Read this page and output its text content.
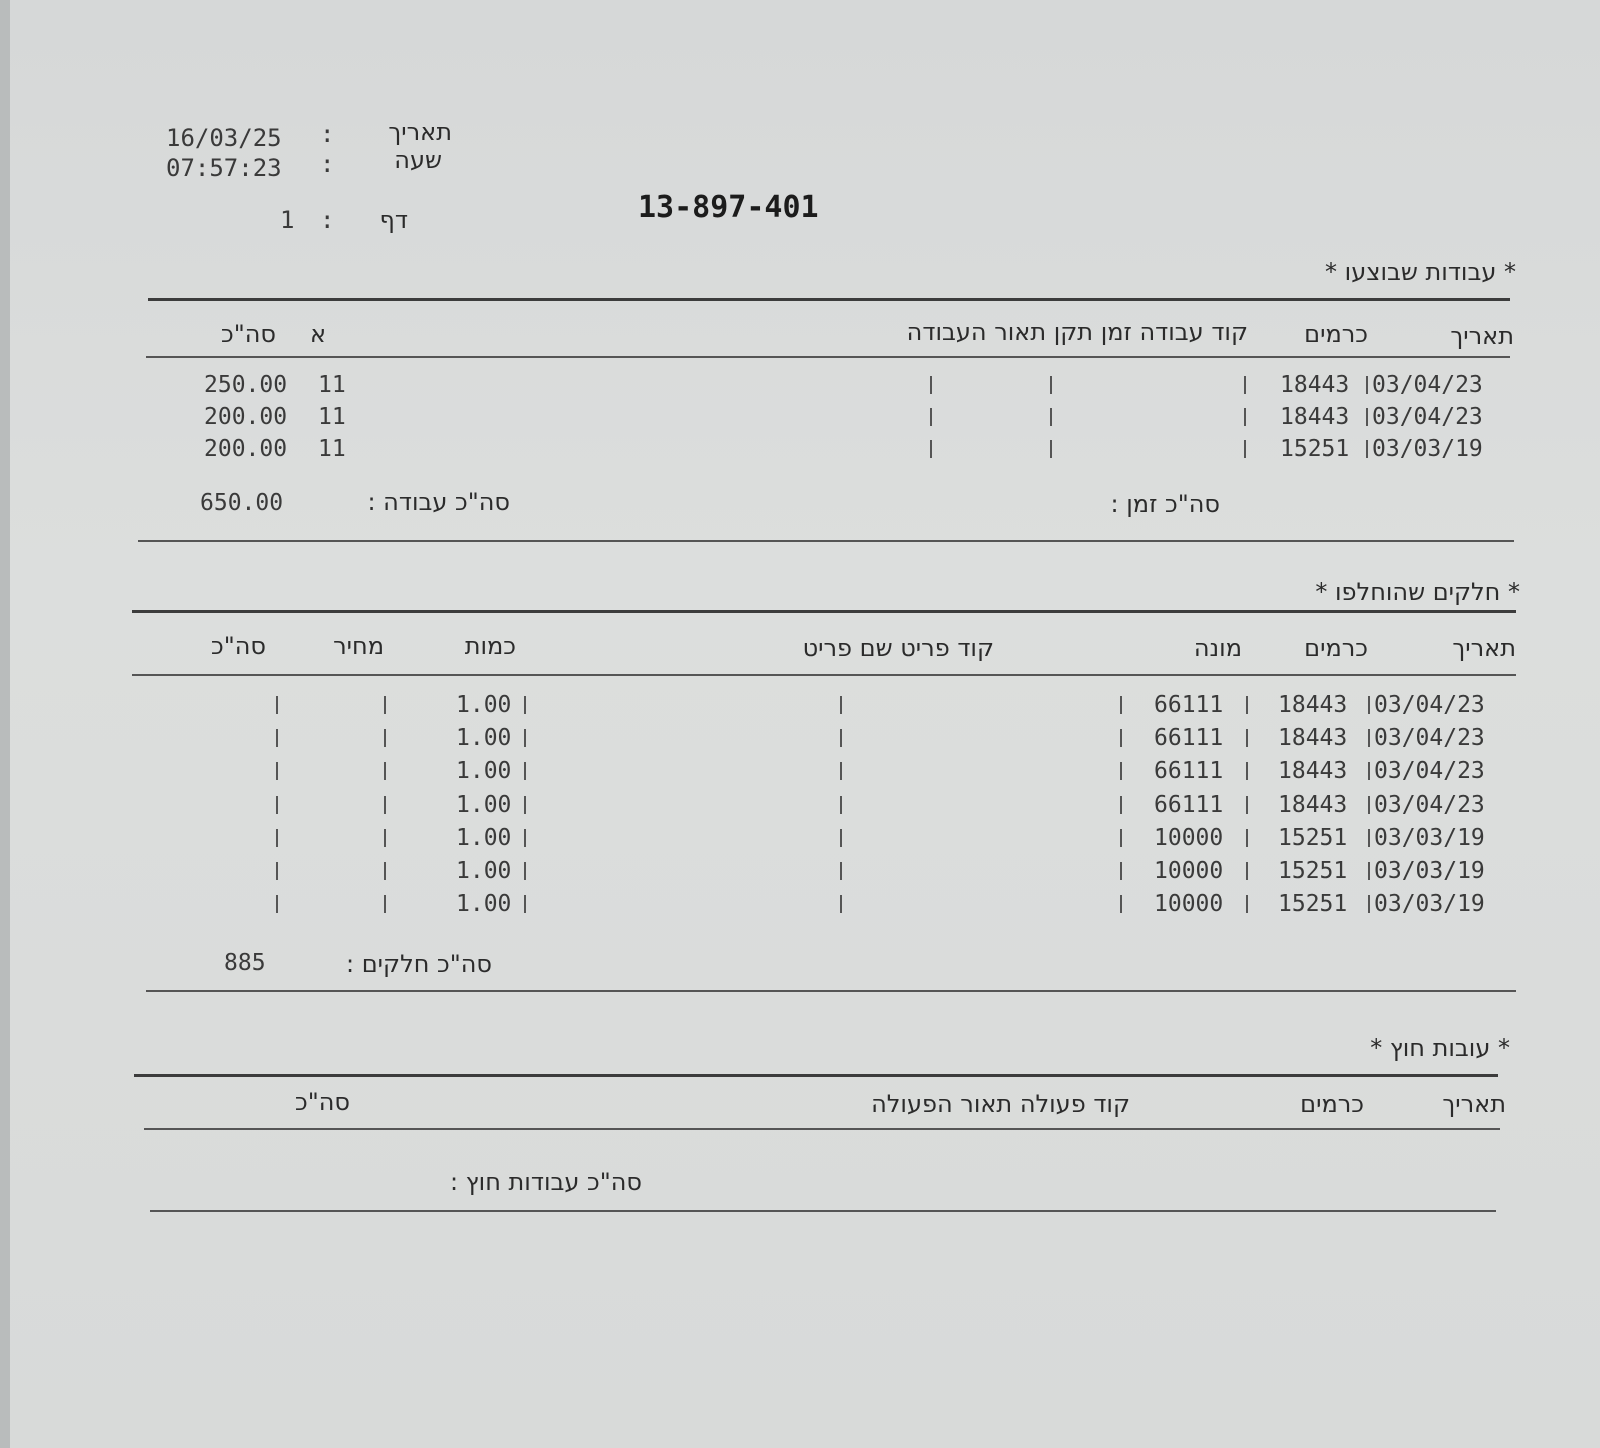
תאריך
:
16/03/25
שעה
:
07:57:23
דף
:
1	13-897-401
* עבודות שבוצעו *
תאריך
כרמים
קוד עבודה זמן תקן תאור העבודה
א
סה"כ
03/04/23
18443
11
250.00
03/04/23
18443
11
200.00
03/03/19
15251
11
200.00
סה"כ זמן :
סה"כ עבודה :
650.00
* חלקים שהוחלפו *
תאריך
כרמים
מונה
קוד פריט שם פריט
כמות
מחיר
סה"כ
03/04/23
18443
66111
1.00
03/04/23
18443
66111
1.00
03/04/23
18443
66111
1.00
03/04/23
18443
66111
1.00
03/03/19
15251
10000
1.00
03/03/19
15251
10000
1.00
03/03/19
15251
10000
1.00
סה"כ חלקים :
885
* עובות חוץ *
תאריך
כרמים
קוד פעולה תאור הפעולה
סה"כ
סה"כ עבודות חוץ :
